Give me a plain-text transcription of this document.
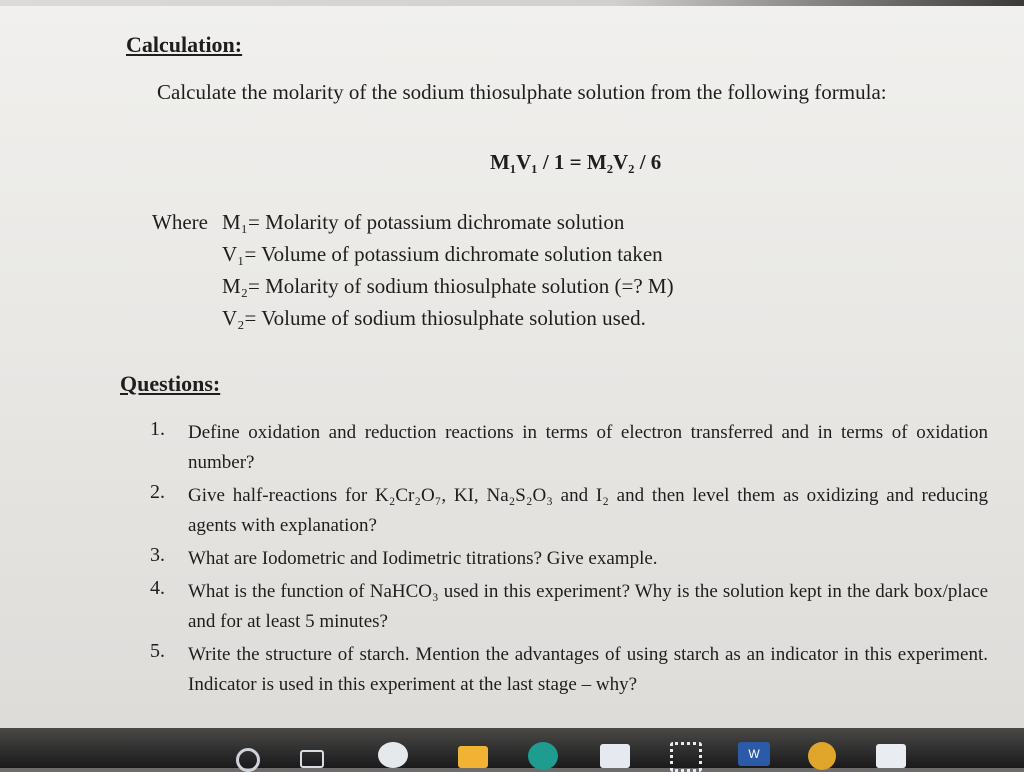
Calculation:

Calculate the molarity of the sodium thiosulphate solution from the following formula:

M₁V₁ / 1 = M₂V₂ / 6

Where M₁ = Molarity of potassium dichromate solution
V₁ = Volume of potassium dichromate solution taken
M₂ = Molarity of sodium thiosulphate solution (=? M)
V₂ = Volume of sodium thiosulphate solution used.
Questions:
1.	Define oxidation and reduction reactions in terms of electron transferred and in terms of oxidation number?
2.	Give half-reactions for K₂Cr₂O₇, KI, Na₂S₂O₃ and I₂ and then level them as oxidizing and reducing agents with explanation?
3.	What are Iodometric and Iodimetric titrations? Give example.
4.	What is the function of NaHCO₃ used in this experiment? Why is the solution kept in the dark box/place and for at least 5 minutes?
5.	Write the structure of starch. Mention the advantages of using starch as an indicator in this experiment. Indicator is used in this experiment at the last stage – why?
W
